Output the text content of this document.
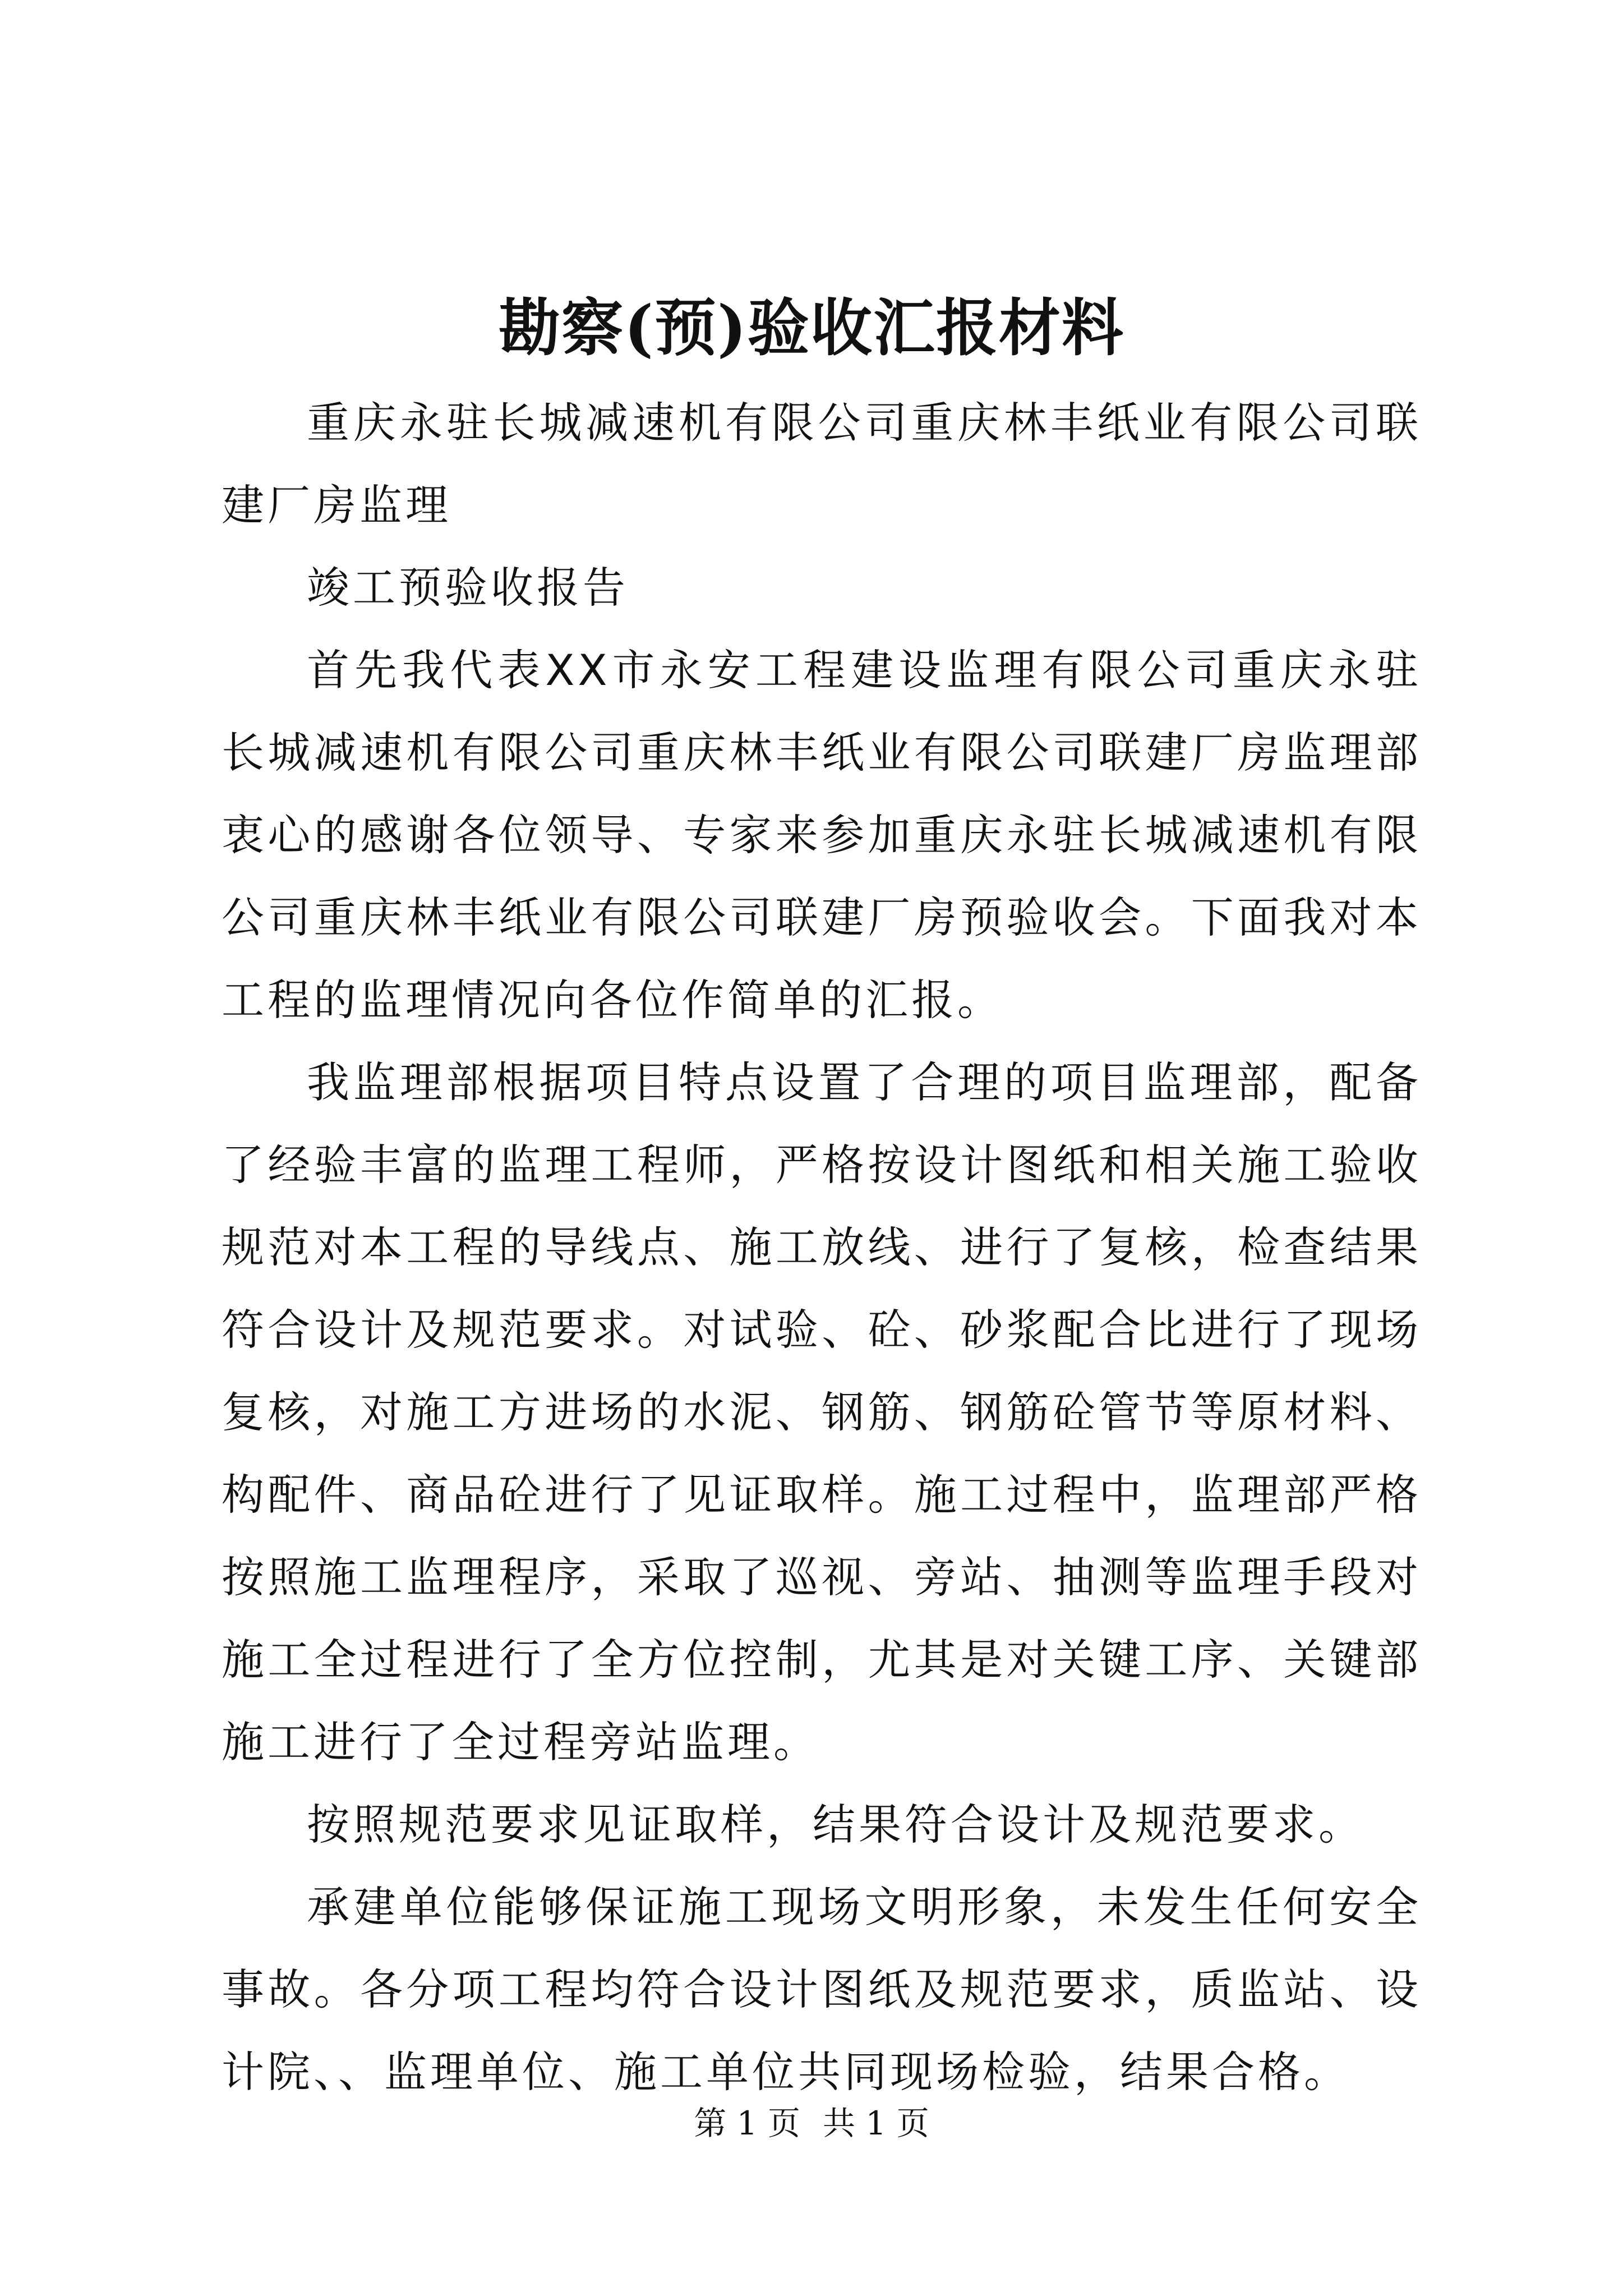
勘察(预)验收汇报材料

重庆永驻长城减速机有限公司重庆林丰纸业有限公司联建厂房监理

竣工预验收报告

首先我代表XX市永安工程建设监理有限公司重庆永驻长城减速机有限公司重庆林丰纸业有限公司联建厂房监理部衷心的感谢各位领导、专家来参加重庆永驻长城减速机有限公司重庆林丰纸业有限公司联建厂房预验收会。下面我对本工程的监理情况向各位作简单的汇报。

我监理部根据项目特点设置了合理的项目监理部，配备了经验丰富的监理工程师，严格按设计图纸和相关施工验收规范对本工程的导线点、施工放线、进行了复核，检查结果符合设计及规范要求。对试验、砼、砂浆配合比进行了现场复核，对施工方进场的水泥、钢筋、钢筋砼管节等原材料、构配件、商品砼进行了见证取样。施工过程中，监理部严格按照施工监理程序，采取了巡视、旁站、抽测等监理手段对施工全过程进行了全方位控制，尤其是对关键工序、关键部施工进行了全过程旁站监理。

按照规范要求见证取样，结果符合设计及规范要求。

承建单位能够保证施工现场文明形象，未发生任何安全事故。各分项工程均符合设计图纸及规范要求，质监站、设计院、、监理单位、施工单位共同现场检验，结果合格。

第 1 页 共 1 页
